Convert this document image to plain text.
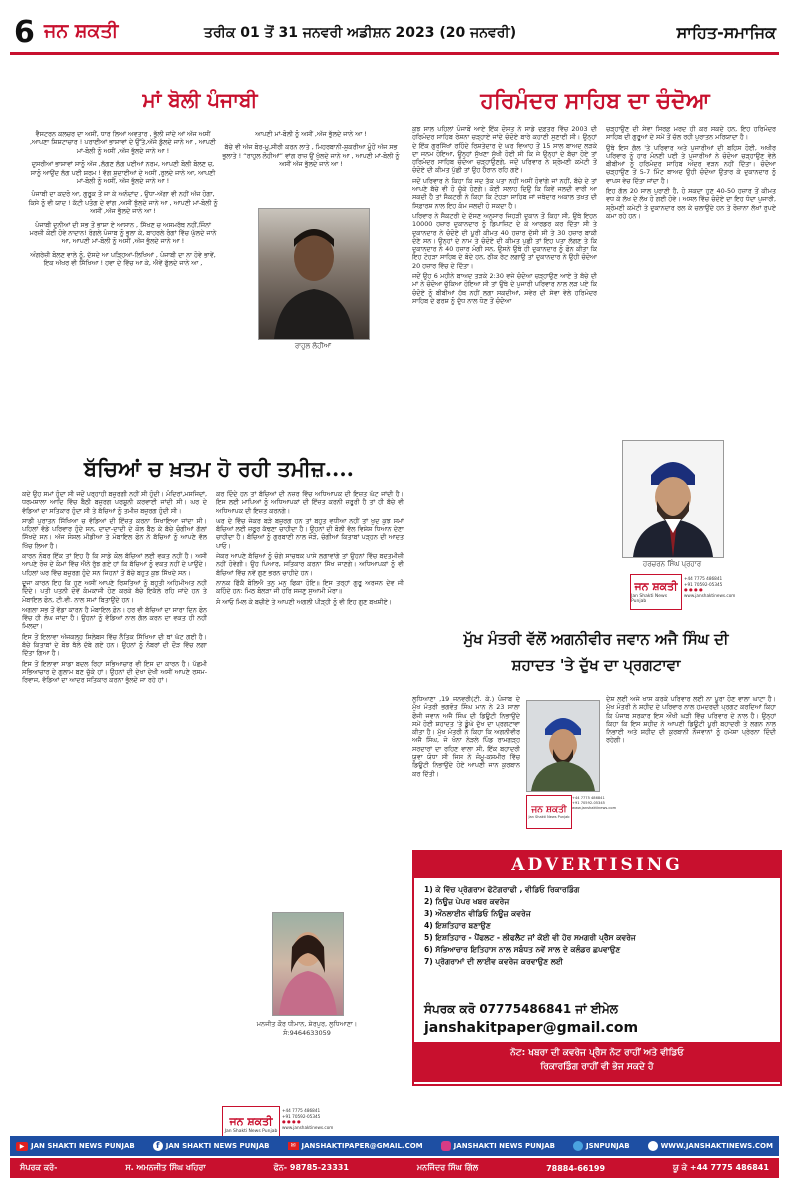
6 ਜਨ ਸ਼ਕਤੀ	ਤਰੀਕ 01 ਤੋਂ 31 ਜਨਵਰੀ ਅਡੀਸ਼ਨ 2023 (20 ਜਨਵਰੀ)	ਸਾਹਿਤ-ਸਮਾਜਿਕ
ਮਾਂ ਬੋਲੀ ਪੰਜਾਬੀ

ਵੈਸਟਰਨ ਕਲਚਰ ਦਾ ਅਸੀਂ, ਧਾਰ ਲਿਆਂ ਅਵਤਾਰ , ਭੁੱਲੀ ਜਾਂਦੇ ਆਂ ਅੱਜ ਅਸੀਂ ,ਆਪਣਾ ਸ਼ਿਸ਼ਟਾਚਾਰ ! ਪਰਾਈਆਂ ਭਾਸ਼ਾਵਾਂ ਦੇ ਉੱਤੇ,ਅੱਜੇ ਡੁੱਲਦੇ ਜਾਨੇ ਆ , ਆਪਣੀ ਮਾਂ-ਬੋਲੀ ਨੂੰ ਅਸੀਂ ,ਅੱਜ ਭੁੱਲਦੇ ਜਾਨੇ ਆ !

ਦੁਸਰੀਆਂ ਭਾਸ਼ਾਵਾਂ ਸਾਨੂੰ ਅੱਜ ,ਲੱਗਣ ਲੱਗ ਪਈਆਂ ਨਰਮ, ਆਪਣੀ ਬੋਲੀ ਬੋਲਣ ਚ, ਸਾਨੂੰ ਆਉਂਦ ਲੱਗ ਪਈ ਸ਼ਰਮ ! ਵੱਗ ਸ਼ੁਦਾਈਆਂ ਦੇ ਅਸੀਂ ,ਰੁਲਦੇ ਜਾਨੇ ਆ, ਆਪਣੀ ਮਾਂ-ਬੋਲੀ ਨੂੰ ਅਸੀਂ, ਅੱਜ ਭੁੱਲਦੇ ਜਾਨੇ ਆ !

ਪੰਜਾਬੀ ਦਾ ਕਦਰੋ ਆ, ਗੁਰੂਕ ਤੋਂ ਜਾ ਕੇ ਅਨੰਦਾਂਦ , ਉਧਾ-ਅੱਗਾ ਵੀ ਨਹੀਂ ਅੱਜ ਹੋਗਾ, ਕਿਸੇ ਨੂੰ ਵੀ ਯਾਦ ! ਕੱਟੀ ਪਤੰਗ ਦੇ ਵਾਂਗ ,ਅਸੀਂ ਝੁੱਲਦੇ ਜਾਨੇ ਆ , ਆਪਣੀ ਮਾਂ-ਬੋਲੀ ਨੂੰ ਅਸੀਂ ,ਅੱਜ ਭੁੱਲਦੇ ਜਾਨੇ ਆ !

ਪੰਜਾਬੀ ਦੁਨੀਆਂ ਦੀ ਸਭ ਤੋਂ ਭਾਸ਼ਾ ਏ ਆਸਾਨ , ਸਿੱਖਣ ਚ ਅਸਮਰੱਥ ਨਹੀਂ,ਜਿੰਨਾਂ ਮਰਜ਼ੀ ਕੋਈ ਹੋਵੇ ਨਾਦਾਨ! ਰੰਗਲੇ ਪੰਜਾਬ ਨੂੰ ਭੁਲਾ ਕੇ, ਬਾਹਰਲੇ ਰੰਗਾਂ ਵਿੱਚ ਘੁੱਲਦੇ ਜਾਨੇ ਆ, ਆਪਣੀ ਮਾਂ-ਬੋਲੀ ਨੂੰ ਅਸੀਂ ,ਅੱਜ ਭੁੱਲਦੇ ਜਾਨੇ ਆ !

ਅੰਗਰੇਜ਼ੀ ਬੋਲਣ ਵਾਲੇ ਨੂੰ, ਦੱਸਦੇ ਆ ਪੜ੍ਹਿਆਂ-ਲਿਖਿਆਂ , ਪੰਜਾਬੀ ਦਾ ਨਾ ਹੋਵੇ ਭਾਵੇਂ, ਇਕ ਅੱਖਰ ਵੀ ਸਿੱਖਿਆ ! ਹਵਾ ਦੇ ਵਿੱਚ ਆ ਕੇ, ਐਵੇਂ ਫੁੱਲਦੇ ਜਾਨੇ ਆ ,

ਆਪਣੀ ਮਾਂ-ਬੋਲੀ ਨੂੰ ਅਸੀਂ ,ਅੱਜ ਭੁੱਲਦੇ ਜਾਨੇ ਆ !

ਬੱਚੇ ਵੀ ਅੱਜ ਬੋਰ-ਮੂ,ਸੀਰੀ ਕਰਨ ਲਾਤੇ , ਮਿਹਰਬਾਨੀ-ਸ਼ੁਕਰੀਆ ਮੂੰਹੋਂ ਅੱਜ ਸਭ ਭੁਲਾਤੇ ! “ਰਾਹੁਲ ਲੋਹੀਆਂ” ਵਾਂਗ ਰਾਜ਼ ਉਂ ਖੁੱਲਦੇ ਜਾਨੇ ਆ , ਆਪਣੀ ਮਾਂ-ਬੋਲੀ ਨੂੰ ਅਸੀਂ ਅੱਜ ਭੁੱਲਦੇ ਜਾਨੇ ਆ !

ਰਾਹੁਲ ਲੋਹੀਆਂ
ਬੱਚਿਆਂ ਚ ਖ਼ਤਮ ਹੋ ਰਹੀ ਤਮੀਜ਼....

ਕਦੇ ਉਹ ਸਮਾਂ ਹੁੰਦਾ ਸੀ ਜਦੋਂ ਪਰ੍ਹਾਹੀ ਬਜ਼ੁਰਗੀ ਨਹੀਂ ਸੀ ਹੁੰਦੀ। ਮੰਦਿਰਾਂ,ਮਸਜਿਦਾਂ, ਧਰਮਸ਼ਾਲਾ ਆਦਿ ਵਿੱਚ ਬੈਠੀ ਬਜ਼ੁਰਗ ਪਰਸ਼ੂਨੀ ਕਰਵਾਈ ਜਾਂਦੀ ਸੀ। ਘਰ ਦੇ ਵੱਡਿਆਂ ਦਾ ਸਤਿਕਾਰ ਹੁੰਦਾ ਸੀ ਤੇ ਬੱਚਿਆਂ ਨੂੰ ਤਮੀਜ਼ ਬਜ਼ੁਰਗ ਹੁੰਦੀ ਸੀ।

ਸਾਡੀ ਪੁਰਾਤਨ ਸਿੱਖਿਆ ਚ ਵੱਡਿਆਂ ਦੀ ਇੱਜ਼ਤ ਕਰਨਾ ਸਿਖਾਇਆ ਜਾਂਦਾ ਸੀ। ਪਹਿਲਾਂ ਵੱਡੇ ਪਰਿਵਾਰ ਹੁੰਦੇ ਸਨ, ਦਾਦਾ-ਦਾਦੀ ਦੇ ਕੋਲ ਬੈਠ ਕੇ ਬੱਚੇ ਚੰਗੀਆਂ ਗੱਲਾਂ ਸਿੱਖਦੇ ਸਨ। ਅੱਜ ਸੋਸ਼ਲ ਮੀਡੀਆ ਤੇ ਮੋਬਾਇਲ ਫੋਨ ਨੇ ਬੱਚਿਆਂ ਨੂੰ ਆਪਣੇ ਵੱਲ ਖਿੱਚ ਲਿਆ ਹੈ।

ਕਾਰਨ ਨੰਬਰ ਇੱਕ ਤਾਂ ਇਹ ਹੈ ਕਿ ਸਾਡੇ ਕੋਲ ਬੱਚਿਆਂ ਲਈ ਵਕਤ ਨਹੀਂ ਹੈ। ਅਸੀਂ ਆਪਣੇ ਰੋਜ਼ ਦੇ ਕੰਮਾਂ ਵਿੱਚ ਐਨੇ ਰੁੱਝ ਗਏ ਹਾਂ ਕਿ ਬੱਚਿਆਂ ਨੂੰ ਵਕਤ ਨਹੀਂ ਦੇ ਪਾਉਂਦੇ। ਪਹਿਲਾਂ ਘਰ ਵਿੱਚ ਬਜ਼ੁਰਗ ਹੁੰਦੇ ਸਨ ਜਿਹਨਾਂ ਤੋਂ ਬੱਚੇ ਬਹੁਤ ਕੁਝ ਸਿੱਖਦੇ ਸਨ।

ਦੂਜਾ ਕਾਰਨ ਇਹ ਕਿ ਹੁਣ ਅਸੀਂ ਆਪਣੇ ਰਿਸ਼ਤਿਆਂ ਨੂੰ ਬਹੁਤੀ ਅਹਿਮੀਅਤ ਨਹੀਂ ਦਿੰਦੇ। ਪਤੀ ਪਤਨੀ ਦੋਵੇਂ ਕੰਮਕਾਜੀ ਹੋਣ ਕਰਕੇ ਬੱਚੇ ਇਕੱਲੇ ਰਹਿ ਜਾਂਦੇ ਹਨ ਤੇ ਮੋਬਾਇਲ ਫੋਨ, ਟੀ.ਵੀ. ਨਾਲ ਸਮਾਂ ਬਿਤਾਉਂਦੇ ਹਨ।

ਅਗਲਾ ਸਭ ਤੋਂ ਵੱਡਾ ਕਾਰਨ ਹੈ ਮੋਬਾਇਲ ਫ਼ੋਨ। ਹਰ ਵੀ ਬੱਚਿਆਂ ਦਾ ਸਾਰਾ ਦਿਨ ਫੋਨ ਵਿੱਚ ਹੀ ਲੰਘ ਜਾਂਦਾ ਹੈ। ਉਹਨਾਂ ਨੂੰ ਵੱਡਿਆਂ ਨਾਲ ਗੱਲ ਕਰਨ ਦਾ ਵਕਤ ਹੀ ਨਹੀਂ ਮਿਲਦਾ।

ਇਸ ਤੋਂ ਇਲਾਵਾ ਅੱਜਕਲ੍ਹ ਸਿਲੇਬਸ ਵਿੱਚ ਨੈਤਿਕ ਸਿੱਖਿਆ ਦੀ ਥਾਂ ਘੱਟ ਗਈ ਹੈ। ਬੱਚੇ ਕਿਤਾਬਾਂ ਦੇ ਬੋਝ ਥੱਲੇ ਦੱਬੇ ਗਏ ਹਨ। ਉਹਨਾਂ ਨੂੰ ਨੰਬਰਾਂ ਦੀ ਦੌੜ ਵਿੱਚ ਲਗਾ ਦਿੱਤਾ ਗਿਆ ਹੈ।

ਇਸ ਤੋਂ ਇਲਾਵਾ ਸਾਡਾ ਬਦਲ ਰਿਹਾ ਸਭਿਆਚਾਰ ਵੀ ਇਸ ਦਾ ਕਾਰਨ ਹੈ। ਪੱਛਮੀ ਸਭਿਆਚਾਰ ਦੇ ਗੁਲਾਮ ਬਣ ਚੁੱਕੇ ਹਾਂ। ਉਹਨਾਂ ਦੀ ਦੇਖਾ ਦੇਖੀ ਅਸੀਂ ਆਪਣੇ ਰਸਮ-ਰਿਵਾਜ, ਵੱਡਿਆਂ ਦਾ ਆਦਰ ਸਤਿਕਾਰ ਕਰਨਾ ਭੁੱਲਦੇ ਜਾ ਰਹੇ ਹਾਂ।

ਕਰ ਦਿੰਦੇ ਹਨ ਤਾਂ ਬੱਚਿਆਂ ਦੀ ਨਜ਼ਰ ਵਿੱਚ ਅਧਿਆਪਕ ਦੀ ਇਜ਼ਤ ਘੱਟ ਜਾਂਦੀ ਹੈ। ਇਸ ਲਈ ਮਾਪਿਆਂ ਨੂੰ ਅਧਿਆਪਕਾਂ ਦੀ ਇੱਜ਼ਤ ਕਰਨੀ ਜ਼ਰੂਰੀ ਹੈ ਤਾਂ ਹੀ ਬੱਚੇ ਵੀ ਅਧਿਆਪਕ ਦੀ ਇਜ਼ਤ ਕਰਨਗੇ।

ਘਰ ਦੇ ਵਿੱਚ ਜੇਕਰ ਬੜੇ ਬਜ਼ੁਰਗ ਹਨ ਤਾਂ ਬਹੁਤ ਵਧੀਆ ਨਹੀਂ ਤਾਂ ਖੁਦ ਕੁਝ ਸਮਾਂ ਬੱਚਿਆਂ ਲਈ ਜ਼ਰੂਰ ਕੱਢਣਾ ਚਾਹੀਦਾ ਹੈ। ਉਹਨਾਂ ਦੀ ਬੋਲੀ ਵੱਲ ਵਿਸ਼ੇਸ਼ ਧਿਆਨ ਦੇਣਾ ਚਾਹੀਦਾ ਹੈ। ਬੱਚਿਆਂ ਨੂੰ ਗੁਰਬਾਣੀ ਨਾਲ ਜੋੜੋ, ਚੰਗੀਆਂ ਕਿਤਾਬਾਂ ਪੜ੍ਹਨ ਦੀ ਆਦਤ ਪਾਓ।

ਜੇਕਰ ਆਪਣੇ ਬੱਚਿਆਂ ਨੂੰ ਚੰਗੇ ਸਾਚਥਕ ਪਾਸੇ ਲਗਾਵਾਂਗੇ ਤਾਂ ਉਹਨਾਂ ਵਿੱਚ ਬਦਤਮੀਜ਼ੀ ਨਹੀਂ ਹੋਵੇਗੀ। ਉਹ ਪਿਆਰ, ਸਤਿਕਾਰ ਕਰਨਾ ਸਿੱਖ ਜਾਣਗੇ। ਅਧਿਆਪਕਾਂ ਨੂੰ ਵੀ ਬੱਚਿਆਂ ਵਿੱਚ ਨਵੇਂ ਗੁਣ ਭਰਨ ਚਾਹੀਦੇ ਹਨ।

ਨਾਨਕ ਫਿੱਕੈ ਬੋਲਿਐ ਤਨੁ ਮਨੁ ਫਿਕਾ ਹੋਇ॥ ਇਸ ਤਰ੍ਹਾਂ ਗੁਰੂ ਅਰਜਨ ਦੇਵ ਜੀ ਕਹਿੰਦੇ ਹਨ: ਮਿਠ ਬੋਲੜਾ ਜੀ ਹਰਿ ਸਜਣੁ ਸੁਆਮੀ ਮੋਰਾ॥

ਸੋ ਆਓ ਮਿਲ ਕੇ ਬਚੀਏ ਤੇ ਆਪਣੀ ਅਗਲੀ ਪੀੜ੍ਹੀ ਨੂੰ ਵੀ ਇਹ ਗੁਣ ਬਖਸ਼ੀਏ।

ਮਨਜੀਤ ਕੌਰ ਧੀਮਾਨ, ਸ਼ੇਰਪੁਰ, ਲੁਧਿਆਣਾ। ਸੰ:9464633059
ਜਨ ਸ਼ਕਤੀ
Jan Shakti News Punjab
+44 7775 486841
+91 70592-05345
● ● ● ●
www.janshaktinews.com
ਹਰਿਮੰਦਰ ਸਾਹਿਬ ਦਾ ਚੰਦੋਆ

ਕੁਝ ਸਾਲ ਪਹਿਲਾਂ ਪੰਜਾਬੋਂ ਆਏ ਇੱਕ ਦੋਸਤ ਨੇ ਸਾਡੇ ਦਫ਼ਤਰ ਵਿੱਚ 2003 ਦੀ ਹਰਿਮੰਦਰ ਸਾਹਿਬ ਰੋਸ਼ਨਾ ਚੜ੍ਹਾਏ ਜਾਂਦੇ ਚੰਦੋਏ ਬਾਰੇ ਕਹਾਣੀ ਸੁਣਾਈ ਸੀ। ਉਨ੍ਹਾਂ ਦੇ ਇੱਕ ਗੁਰਸਿੱਖਾਂ ਰਹਿੰਦੇ ਰਿਸ਼ਤੇਦਾਰ ਦੇ ਘਰ ਵਿਆਹ ਤੋਂ 15 ਸਾਲ ਬਾਅਦ ਲੜਕੇ ਦਾ ਜਨਮ ਹੋਇਆ, ਉਨ੍ਹਾਂ ਸੁੱਖਣਾ ਸੁੱਖੀ ਹੋਈ ਸੀ ਕਿ ਜੇ ਉਨ੍ਹਾਂ ਦੇ ਬੱਚਾ ਹੋਏ ਤਾਂ ਹਰਿਮੰਦਰ ਸਾਹਿਬ ਚੰਦੋਆ ਚੜ੍ਹਾਉਣਗੇ, ਜਦੋਂ ਪਰਿਵਾਰ ਨੇ ਸ਼੍ਰੋਮਣੀ ਕਮੇਟੀ ਤੋਂ ਚੰਦੋਏ ਦੀ ਕੀਮਤ ਪੁੱਛੀ ਤਾਂ ਉਹ ਹੈਰਾਨ ਰਹਿ ਗਏ।

ਜਦੋਂ ਪਰਿਵਾਰ ਨੇ ਕਿਹਾ ਕਿ ਜਦ ਤੱਕ ਪਤਾ ਨਹੀਂ ਅਸੀਂ ਹੋਵਾਂਗੇ ਜਾਂ ਨਹੀਂ, ਬੱਚੇ ਦੇ ਤਾਂ ਆਪਣੇ ਬੱਚੇ ਵੀ ਹੋ ਚੁੱਕੇ ਹੋਣਗੇ। ਕੋਈ ਸਲਾਹ ਦਿਉ ਕਿ ਕਿਵੇਂ ਜਲਦੀ ਵਾਰੀ ਆ ਸਕਦੀ ਹੈ ਤਾਂ ਸੈਕਟਰੀ ਨੇ ਕਿਹਾ ਕਿ ਟੋਹੜਾ ਸਾਹਿਬ ਜਾਂ ਜਥੇਦਾਰ ਅਕਾਲ ਤਖ਼ਤ ਦੀ ਸਿਫ਼ਾਰਸ਼ ਨਾਲ ਇਹ ਕੰਮ ਜਲਦੀ ਹੋ ਸਕਦਾ ਹੈ।

ਪਰਿਵਾਰ ਨੇ ਸੈਕਟਰੀ ਦੇ ਦੱਸਣ ਅਨੁਸਾਰ ਜਿਹੜੀ ਦੁਕਾਨ ਤੋਂ ਕਿਹਾ ਸੀ, ਉਥੇ ਇਹਨ 10000 ਹਜ਼ਾਰ ਦੁਕਾਨਦਾਰ ਨੂੰ ਡਿਪਾਜ਼ਿਟ ਦੇ ਕੇ ਆਰਡਰ ਕਰ ਦਿੱਤਾ ਸੀ ਤੇ ਦੁਕਾਨਦਾਰ ਨੇ ਚੰਦੋਏ ਦੀ ਪੂਰੀ ਕੀਮਤ 40 ਹਜ਼ਾਰ ਦੱਸੀ ਸੀ ਤੇ 30 ਹਜ਼ਾਰ ਬਾਕੀ ਦੇਣੇ ਸਨ। ਉਨ੍ਹਾਂ ਦੇ ਨਾਮ ਤੇ ਚੰਦੋਏ ਦੀ ਕੀਮਤ ਪੁਛੀ ਤਾਂ ਇਹ ਪਤਾ ਲੱਗਣ ਤੇ ਕਿ ਦੁਕਾਨਦਾਰ ਨੇ 40 ਹਜ਼ਾਰ ਮੰਗੀ ਸਨ, ਉਸਨੇ ਉਥੇ ਹੀ ਦੁਕਾਨਦਾਰ ਨੂੰ ਫੋਨ ਕੀਤਾ ਕਿ ਇਹ ਟੋਹੜਾ ਸਾਹਿਬ ਦੇ ਬੰਦੇ ਹਨ, ਠੀਕ ਰੇਟ ਲਗਾਉ ਤਾਂ ਦੁਕਾਨਦਾਰ ਨੇ ਉਹੀ ਚੰਦੋਆ 20 ਹਜ਼ਾਰ ਵਿੱਚ ਦੇ ਦਿੱਤਾ।

ਜਦੋਂ ਉਹ 6 ਮਹੀਨੇ ਬਾਅਦ ਤੜਕੇ 2:30 ਵਜੇ ਚੰਦੋਆ ਚੜ੍ਹਾਉਣ ਆਏ ਤੇ ਬੱਚੇ ਦੀ ਮਾਂ ਨੇ ਚੰਦੋਆ ਚੁੱਕਿਆ ਹੋਇਆ ਸੀ ਤਾਂ ਉਥੇ ਦੇ ਪੁਜਾਰੀ ਪਰਿਵਾਰ ਨਾਲ ਲੜ ਪਏ ਕਿ ਚੰਦੋਏ ਨੂੰ ਬੀਬੀਆਂ ਹੱਥ ਨਹੀਂ ਲਗਾ ਸਕਦੀਆਂ, ਸਵੇਰ ਦੀ ਸੇਵਾ ਵੇਲੇ ਹਰਿਮੰਦਰ ਸਾਹਿਬ ਦੇ ਫਰਸ਼ ਨੂੰ ਦੁੱਧ ਨਾਲ ਧੋਣ ਤੋਂ ਚੰਦੋਆ

ਚੜ੍ਹਾਉਣ ਦੀ ਸੇਵਾ ਸਿਰਫ਼ ਮਰਦ ਹੀ ਕਰ ਸਕਦੇ ਹਨ, ਇਹ ਹਰਿਮੰਦਰ ਸਾਹਿਬ ਦੀ ਗੁਰੂਆਂ ਦੇ ਸਮੇਂ ਤੋਂ ਚੱਲ ਰਹੀ ਪੁਰਾਤਨ ਮਰਿਯਾਦਾ ਹੈ।

ਉਥੇ ਇਸ ਗੱਲ 'ਤੇ ਪਰਿਵਾਰ ਅਤੇ ਪੁਜਾਰੀਆਂ ਦੀ ਬਹਿਸ ਹੋਈ, ਅਖੀਰ ਪਰਿਵਾਰ ਨੂੰ ਹਾਰ ਮੰਨਣੀ ਪਈ ਤੇ ਪੁਜਾਰੀਆਂ ਨੇ ਚੰਦੋਆ ਚੜ੍ਹਾਉਣ ਵੇਲੇ ਬੀਬੀਆਂ ਨੂੰ ਹਰਿਮੰਦਰ ਸਾਹਿਬ ਅੰਦਰ ਵੜਨ ਨਹੀਂ ਦਿੱਤਾ। ਚੰਦੋਆ ਚੜ੍ਹਾਉਣ ਤੋਂ 5-7 ਮਿੰਟ ਬਾਅਦ ਉਹੀ ਚੰਦੋਆ ਉਤਾਰ ਕੇ ਦੁਕਾਨਦਾਰ ਨੂੰ ਵਾਪਸ ਵੇਚ ਦਿੱਤਾ ਜਾਂਦਾ ਹੈ।

ਇਹ ਗੱਲ 20 ਸਾਲ ਪੁਰਾਣੀ ਹੈ, ਹੋ ਸਕਦਾ ਹੁਣ 40-50 ਹਜ਼ਾਰ ਤੋਂ ਕੀਮਤ ਵਧ ਕੇ ਲੱਖ ਦੇ ਲੱਖ ਹੋ ਗਈ ਹੋਵੇ। ਅਸਲ ਵਿੱਚ ਚੰਦੋਏ ਦਾ ਇਹ ਧੰਦਾ ਪੁਜਾਰੀ, ਸ਼੍ਰੋਮਣੀ ਕਮੇਟੀ ਤੇ ਦੁਕਾਨਦਾਰ ਰਲ ਕੇ ਚਲਾਉਂਦੇ ਹਨ ਤੇ ਰੋਜ਼ਾਨਾ ਲੱਖਾਂ ਰੁਪਏ ਕਮਾ ਰਹੇ ਹਨ।

ਹਰਚਰਨ ਸਿੰਘ ਪ੍ਰਹਾਰ
ਜਨ ਸ਼ਕਤੀ
Jan Shakti News Punjab
+44 7775 486841
+91 70592-05345
● ● ● ●
www.janshaktinews.com
ਮੁੱਖ ਮੰਤਰੀ ਵੱਲੋਂ ਅਗਨੀਵੀਰ ਜਵਾਨ ਅਜੈ ਸਿੰਘ ਦੀ
ਸ਼ਹਾਦਤ 'ਤੇ ਦੁੱਖ ਦਾ ਪ੍ਰਗਟਾਵਾ
ਲੁਧਿਆਣਾ ,19 ਜਨਵਰੀ(ਟੀ. ਕੇ.) ਪੰਜਾਬ ਦੇ ਮੁੱਖ ਮੰਤਰੀ ਭਗਵੰਤ ਸਿੰਘ ਮਾਨ ਨੇ 23 ਸਾਲਾ ਫੌਜੀ ਜਵਾਨ ਅਜੈ ਸਿੰਘ ਦੀ ਡਿਊਟੀ ਨਿਭਾਉਂਦੇ ਸਮੇਂ ਹੋਈ ਸ਼ਹਾਦਤ 'ਤੇ ਡੂੰਘੇ ਦੁੱਖ ਦਾ ਪ੍ਰਗਟਾਵਾ ਕੀਤਾ ਹੈ। ਮੁੱਖ ਮੰਤਰੀ ਨੇ ਕਿਹਾ ਕਿ ਅਗਨੀਵੀਰ ਅਜੈ ਸਿੰਘ, ਜੋ ਖੰਨਾ ਨੇੜਲੇ ਪਿੰਡ ਰਾਮਗੜ੍ਹ ਸਰਦਾਰਾਂ ਦਾ ਰਹਿਣ ਵਾਲਾ ਸੀ, ਇੱਕ ਬਹਾਦਰੀ ਯੁਵਾ ਯੋਧਾ ਸੀ ਜਿਸ ਨੇ ਜੰਮੂ-ਕਸ਼ਮੀਰ ਵਿੱਚ ਡਿਊਟੀ ਨਿਭਾਉਂਦੇ ਹੋਏ ਆਪਣੀ ਜਾਨ ਕੁਰਬਾਨ ਕਰ ਦਿੱਤੀ।
ਜਨ ਸ਼ਕਤੀ
Jan Shakti News Punjab
+44 7775 486841
+91 70592-05345
www.janshaktinews.com
ਦੇਸ਼ ਲਈ ਅਜੇ ਖਾਸ ਕਰਕੇ ਪਰਿਵਾਰ ਲਈ ਨਾ ਪੂਰਾ ਹੋਣ ਵਾਲਾ ਘਾਟਾ ਹੈ। ਮੁੱਖ ਮੰਤਰੀ ਨੇ ਸ਼ਹੀਦ ਦੇ ਪਰਿਵਾਰ ਨਾਲ ਹਮਦਰਦੀ ਪ੍ਰਗਟ ਕਰਦਿਆਂ ਕਿਹਾ ਕਿ ਪੰਜਾਬ ਸਰਕਾਰ ਇਸ ਔਖੀ ਘੜੀ ਵਿੱਚ ਪਰਿਵਾਰ ਦੇ ਨਾਲ ਹੈ। ਉਨ੍ਹਾਂ ਕਿਹਾ ਕਿ ਇਸ ਸ਼ਹੀਦ ਨੇ ਆਪਣੀ ਡਿਊਟੀ ਪੂਰੀ ਬਹਾਦਰੀ ਤੇ ਲਗਨ ਨਾਲ ਨਿਭਾਈ ਅਤੇ ਸ਼ਹੀਦ ਦੀ ਕੁਰਬਾਨੀ ਨੌਜਵਾਨਾਂ ਨੂੰ ਹਮੇਸ਼ਾ ਪ੍ਰੇਰਨਾ ਦਿੰਦੀ ਰਹੇਗੀ।
ADVERTISING
1) ਕੇ ਵਿੱਚ ਪ੍ਰੋਗਰਾਮ ਫੋਟੋਗਰਾਫੀ , ਵੀਡਿਓ ਰਿਕਾਰਡਿੰਗ
2) ਨਿਊਜ਼ ਪੇਪਰ ਖਬਰ ਕਵਰੇਜ
3) ਔਨਲਾਈਨ ਵੀਡਿਓ ਨਿਊਜ਼ ਕਵਰੇਜ
4) ਇਸ਼ਤਿਹਾਰ ਬਣਾਉਣ
5) ਇਸ਼ਤਿਹਾਰ - ਪੈਂਫਲਟ - ਲੀਫਲੈਟ ਜਾਂ ਕੋਈ ਵੀ ਹੋਰ ਸਮਗਰੀ ਪ੍ਰੈਸ ਕਵਰੇਜ
6) ਸੱਭਿਆਚਾਰ ਇਤਿਹਾਸ ਨਾਲ ਸਬੰਧਤ ਨਵੇਂ ਸਾਲ ਦੇ ਕਲੰਡਰ ਛਪਵਾਉਣ
7) ਪ੍ਰੋਗਰਾਮਾਂ ਦੀ ਲਾਈਵ ਕਵਰੇਜ ਕਰਵਾਉਣ ਲਈ
ਸੰਪਰਕ ਕਰੋ 07775486841 ਜਾਂ ਈਮੇਲ
janshakitpaper@gmail.com
ਨੋਟ: ਖਬਰਾ ਦੀ ਕਵਰੇਜ ਪ੍ਰੈਸ ਨੋਟ ਰਾਹੀਂ ਅਤੇ ਵੀਡਿਓ
ਰਿਕਾਰਡਿੰਗ ਰਾਹੀਂ ਵੀ ਭੇਜ ਸਕਦੇ ਹੋ
▶ JAN SHAKTI NEWS PUNJAB	f JAN SHAKTI NEWS PUNJAB	✉ JANSHAKTIPAPER@GMAIL.COM	JANSHAKTI NEWS PUNJAB	JSNPUNJAB	WWW.JANSHAKTINEWS.COM
ਸੰਪਰਕ ਕਰੋ-	ਸ. ਅਮਨਜੀਤ ਸਿੰਘ ਖਹਿਰਾ	ਫੋਨ- 98785-23331	ਮਨਜਿੰਦਰ ਸਿੰਘ ਗਿੱਲ	78884-66199	ਯੂ ਕੇ +44 7775 486841
